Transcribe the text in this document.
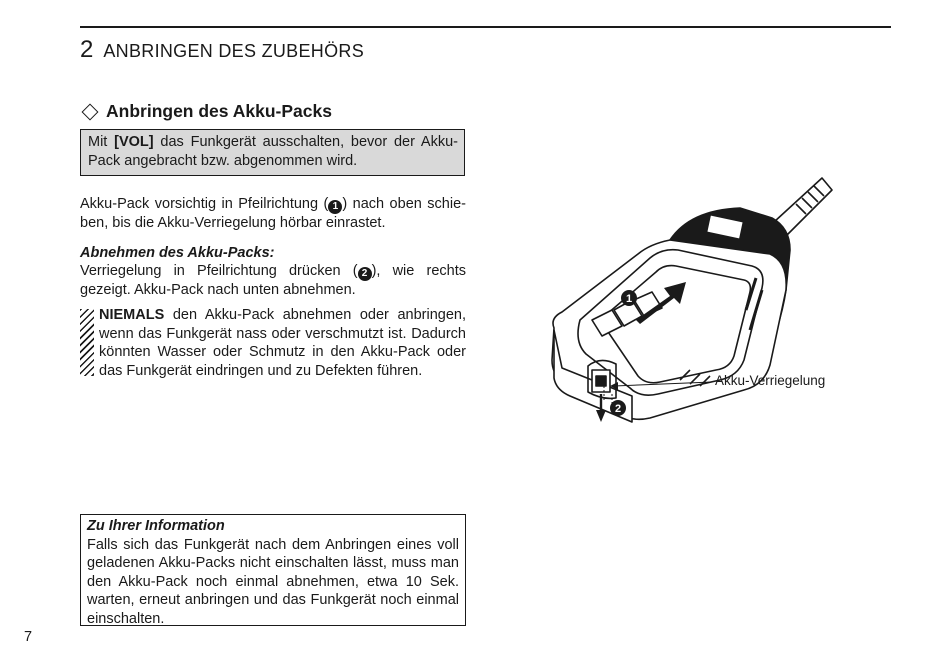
2 ANBRINGEN DES ZUBEHÖRS
Anbringen des Akku-Packs
Mit [VOL] das Funkgerät ausschalten, bevor der Akku-Pack angebracht bzw. abgenommen wird.
Akku-Pack vorsichtig in Pfeilrichtung ( 1 ) nach oben schieben, bis die Akku-Verriegelung hörbar einrastet.
Abnehmen des Akku-Packs:
Verriegelung in Pfeilrichtung drücken ( 2 ), wie rechts gezeigt. Akku-Pack nach unten abnehmen.
NIEMALS den Akku-Pack abnehmen oder anbringen, wenn das Funkgerät nass oder verschmutzt ist. Dadurch könnten Wasser oder Schmutz in den Akku-Pack oder das Funkgerät eindringen und zu Defekten führen.
1
2
Akku-Verriegelung
Zu Ihrer Information
Falls sich das Funkgerät nach dem Anbringen eines voll geladenen Akku-Packs nicht einschalten lässt, muss man den Akku-Pack noch einmal abnehmen, etwa 10 Sek. warten, erneut anbringen und das Funkgerät noch einmal einschalten.
7
